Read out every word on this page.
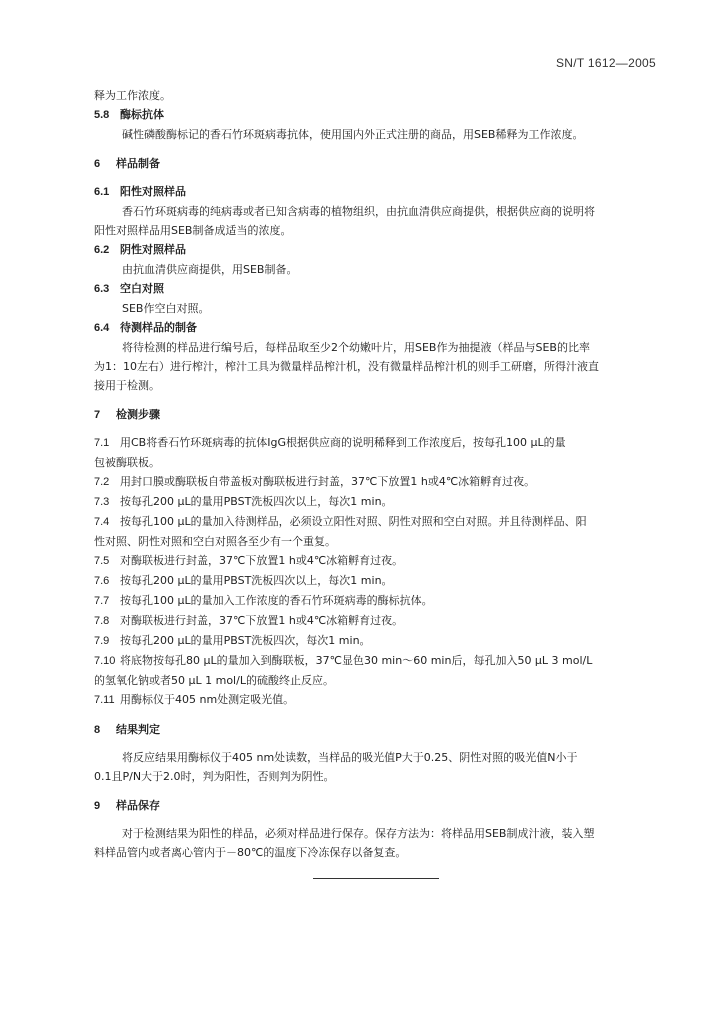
SN/T 1612—2005

释为工作浓度。

5.8 酶标抗体

碱性磷酸酶标记的香石竹环斑病毒抗体，使用国内外正式注册的商品，用SEB稀释为工作浓度。

6 样品制备

6.1 阳性对照样品

香石竹环斑病毒的纯病毒或者已知含病毒的植物组织，由抗血清供应商提供，根据供应商的说明将

阳性对照样品用SEB制备成适当的浓度。

6.2 阴性对照样品

由抗血清供应商提供，用SEB制备。

6.3 空白对照

SEB作空白对照。

6.4 待测样品的制备

将待检测的样品进行编号后，每样品取至少2个幼嫩叶片，用SEB作为抽提液（样品与SEB的比率

为1：10左右）进行榨汁，榨汁工具为微量样品榨汁机，没有微量样品榨汁机的则手工研磨，所得汁液直

接用于检测。

7 检测步骤

7.1 用CB将香石竹环斑病毒的抗体IgG根据供应商的说明稀释到工作浓度后，按每孔100 μL的量

包被酶联板。

7.2 用封口膜或酶联板自带盖板对酶联板进行封盖，37℃下放置1 h或4℃冰箱孵育过夜。

7.3 按每孔200 μL的量用PBST洗板四次以上，每次1 min。

7.4 按每孔100 μL的量加入待测样品，必须设立阳性对照、阴性对照和空白对照。并且待测样品、阳

性对照、阴性对照和空白对照各至少有一个重复。

7.5 对酶联板进行封盖，37℃下放置1 h或4℃冰箱孵育过夜。

7.6 按每孔200 μL的量用PBST洗板四次以上，每次1 min。

7.7 按每孔100 μL的量加入工作浓度的香石竹环斑病毒的酶标抗体。

7.8 对酶联板进行封盖，37℃下放置1 h或4℃冰箱孵育过夜。

7.9 按每孔200 μL的量用PBST洗板四次，每次1 min。

7.10 将底物按每孔80 μL的量加入到酶联板，37℃显色30 min～60 min后，每孔加入50 μL 3 mol/L

的氢氧化钠或者50 μL 1 mol/L的硫酸终止反应。

7.11 用酶标仪于405 nm处测定吸光值。

8 结果判定

将反应结果用酶标仪于405 nm处读数，当样品的吸光值P大于0.25、阴性对照的吸光值N小于

0.1且P/N大于2.0时，判为阳性，否则判为阴性。

9 样品保存

对于检测结果为阳性的样品，必须对样品进行保存。保存方法为：将样品用SEB制成汁液，装入塑

料样品管内或者离心管内于－80℃的温度下冷冻保存以备复查。
